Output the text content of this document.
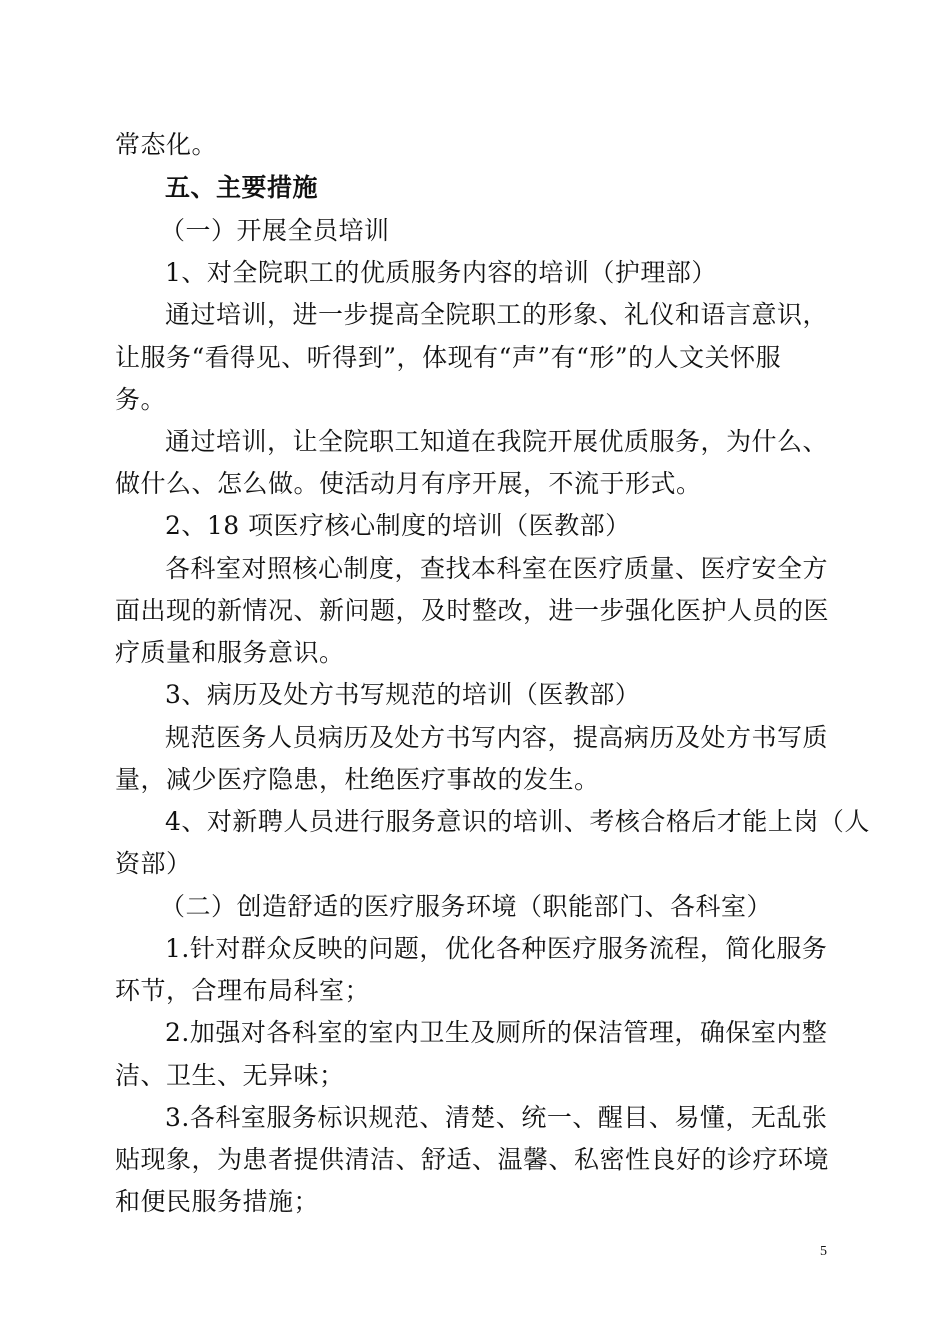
常态化。
五、主要措施
（一）开展全员培训
1、对全院职工的优质服务内容的培训（护理部）
通过培训，进一步提高全院职工的形象、礼仪和语言意识，
让服务“看得见、听得到”，体现有“声”有“形”的人文关怀服
务。
通过培训，让全院职工知道在我院开展优质服务，为什么、
做什么、怎么做。使活动月有序开展，不流于形式。
2、18 项医疗核心制度的培训（医教部）
各科室对照核心制度，查找本科室在医疗质量、医疗安全方
面出现的新情况、新问题，及时整改，进一步强化医护人员的医
疗质量和服务意识。
3、病历及处方书写规范的培训（医教部）
规范医务人员病历及处方书写内容，提高病历及处方书写质
量，减少医疗隐患，杜绝医疗事故的发生。
4、对新聘人员进行服务意识的培训、考核合格后才能上岗（人
资部）
（二）创造舒适的医疗服务环境（职能部门、各科室）
1.针对群众反映的问题，优化各种医疗服务流程，简化服务
环节，合理布局科室；
2.加强对各科室的室内卫生及厕所的保洁管理，确保室内整
洁、卫生、无异味；
3.各科室服务标识规范、清楚、统一、醒目、易懂，无乱张
贴现象，为患者提供清洁、舒适、温馨、私密性良好的诊疗环境
和便民服务措施；
5
